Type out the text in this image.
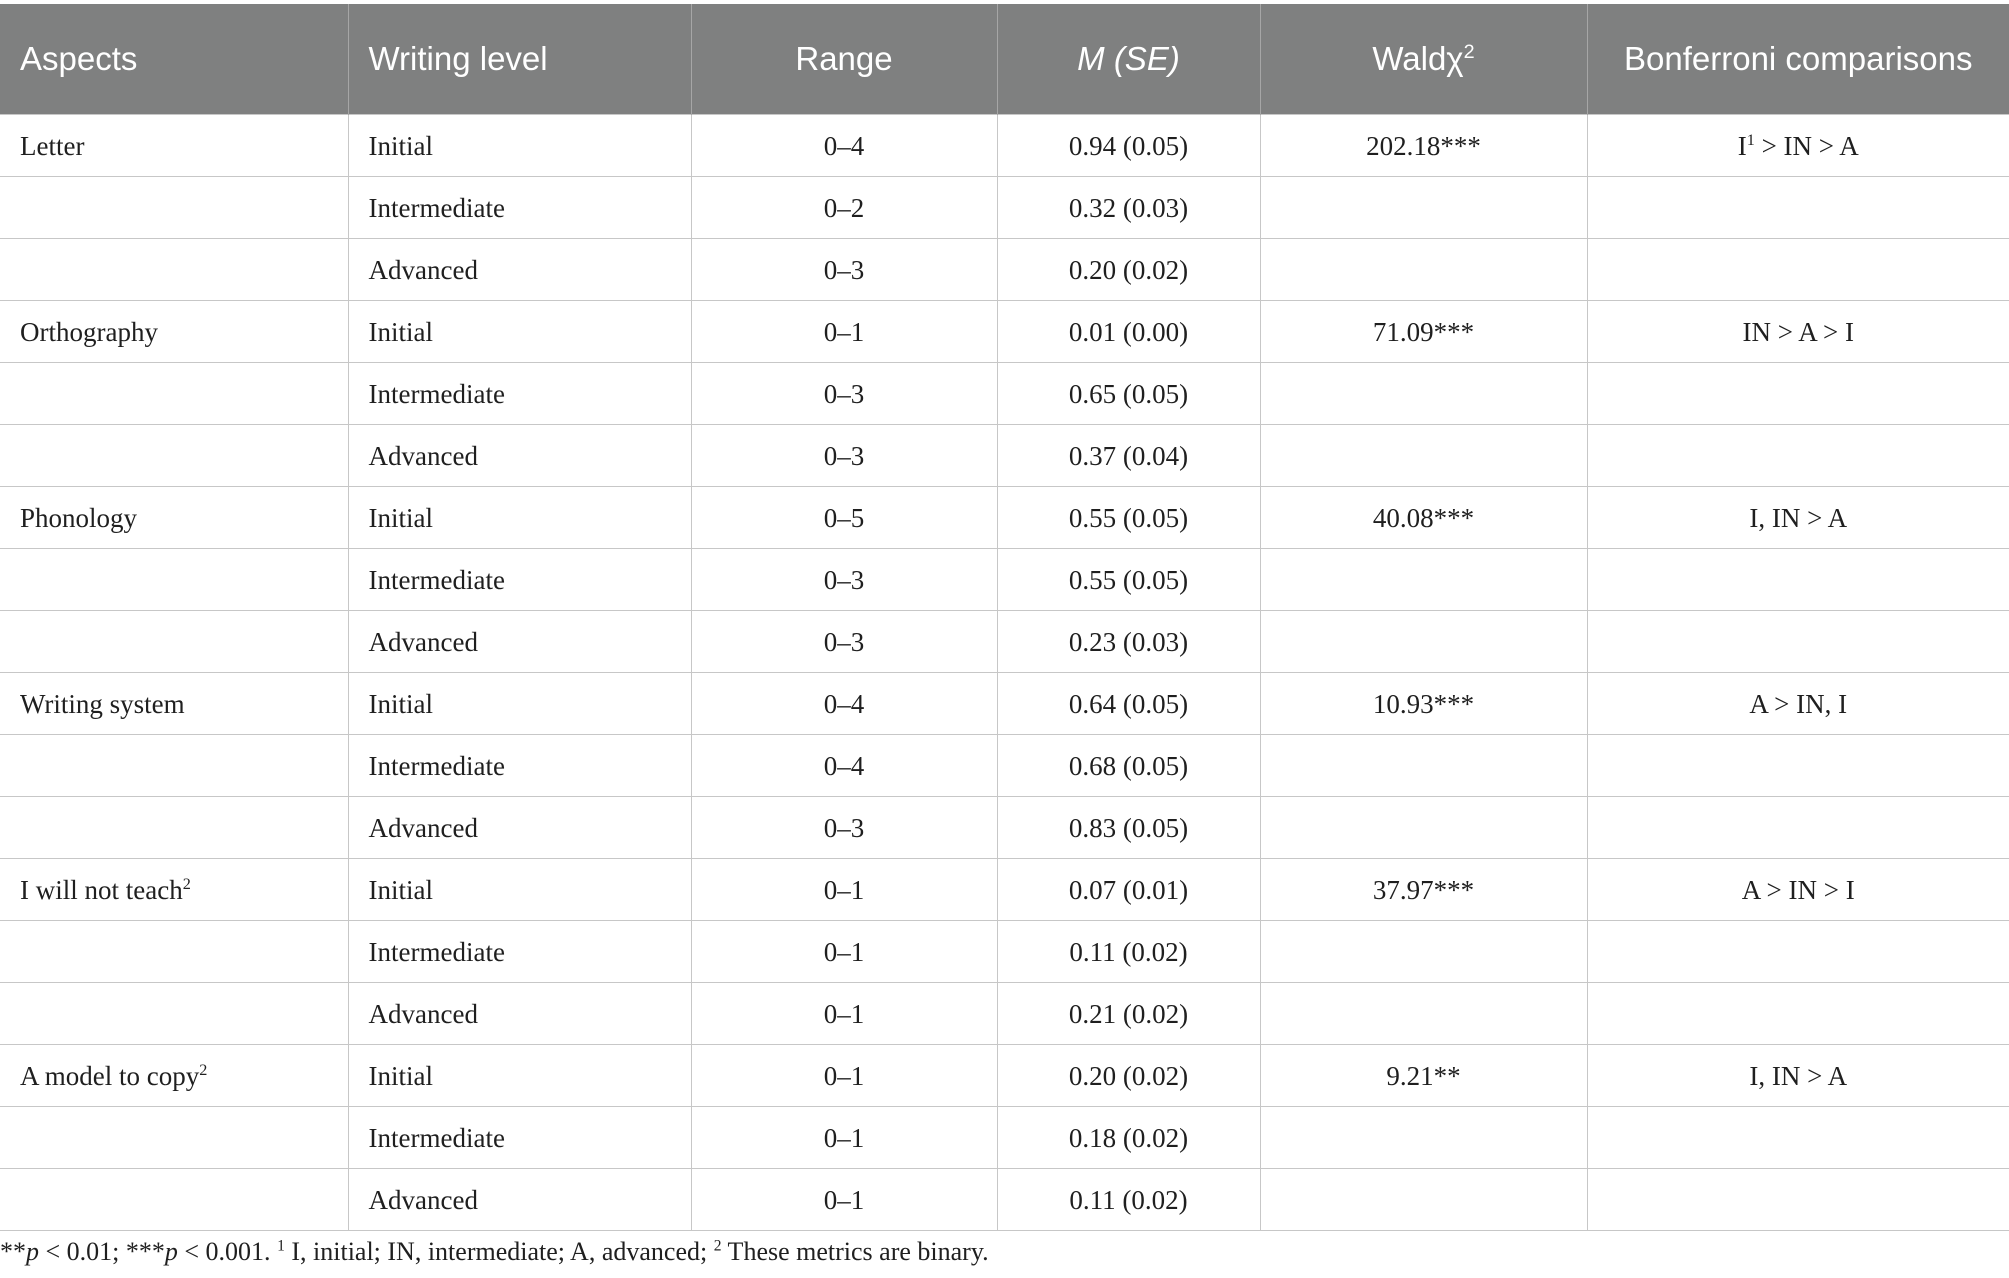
Aspects	Writing level	Range	M (SE)	Waldχ$^2$	Bonferroni comparisons
Letter	Initial	0–4	0.94 (0.05)	202.18***	$I^1$ > IN > A
	Intermediate	0–2	0.32 (0.03)		
	Advanced	0–3	0.20 (0.02)		
Orthography	Initial	0–1	0.01 (0.00)	71.09***	IN > A > I
	Intermediate	0–3	0.65 (0.05)		
	Advanced	0–3	0.37 (0.04)		
Phonology	Initial	0–5	0.55 (0.05)	40.08***	I, IN > A
	Intermediate	0–3	0.55 (0.05)		
	Advanced	0–3	0.23 (0.03)		
Writing system	Initial	0–4	0.64 (0.05)	10.93***	A > IN, I
	Intermediate	0–4	0.68 (0.05)		
	Advanced	0–3	0.83 (0.05)		
I will not teach$^2$	Initial	0–1	0.07 (0.01)	37.97***	A > IN > I
	Intermediate	0–1	0.11 (0.02)		
	Advanced	0–1	0.21 (0.02)		
A model to copy$^2$	Initial	0–1	0.20 (0.02)	9.21**	I, IN > A
	Intermediate	0–1	0.18 (0.02)		
	Advanced	0–1	0.11 (0.02)		
**p < 0.01; ***p < 0.001. $^1$ I, initial; IN, intermediate; A, advanced; $^2$ These metrics are binary.
